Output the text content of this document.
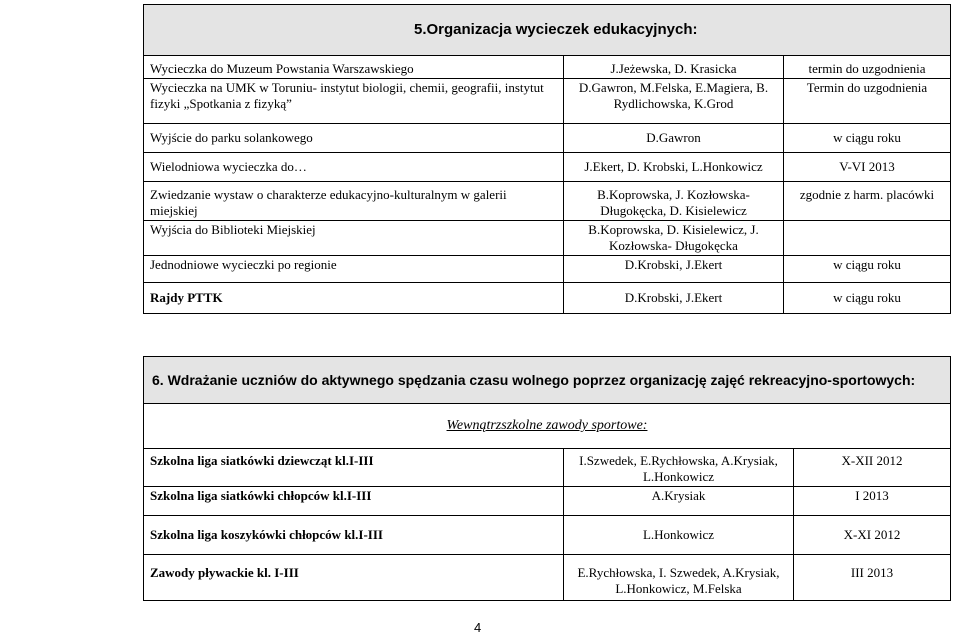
5.Organizacja wycieczek edukacyjnych:		
Wycieczka do Muzeum Powstania Warszawskiego	J.Jeżewska, D. Krasicka	termin do uzgodnienia
Wycieczka na UMK w Toruniu- instytut biologii, chemii, geografii, instytut fizyki „Spotkania z fizyką”	D.Gawron, M.Felska, E.Magiera, B. Rydlichowska, K.Grod	Termin do uzgodnienia
Wyjście do parku solankowego	D.Gawron	w ciągu roku
Wielodniowa wycieczka do…	J.Ekert, D. Krobski, L.Honkowicz	V-VI 2013
Zwiedzanie wystaw o charakterze edukacyjno-kulturalnym w galerii miejskiej	B.Koprowska, J. Kozłowska-Długokęcka, D. Kisielewicz	zgodnie z harm. placówki
Wyjścia do Biblioteki Miejskiej	B.Koprowska, D. Kisielewicz, J. Kozłowska- Długokęcka	
Jednodniowe wycieczki po regionie	D.Krobski, J.Ekert	w ciągu roku
Rajdy PTTK	D.Krobski, J.Ekert	w ciągu roku
6. Wdrażanie uczniów do aktywnego spędzania czasu wolnego poprzez organizację zajęć rekreacyjno-sportowych:		
Wewnątrzszkolne zawody sportowe:		
Szkolna liga siatkówki dziewcząt kl.I-III	I.Szwedek, E.Rychłowska, A.Krysiak, L.Honkowicz	X-XII 2012
Szkolna liga siatkówki chłopców kl.I-III	A.Krysiak	I 2013
Szkolna liga koszykówki chłopców kl.I-III	L.Honkowicz	X-XI 2012
Zawody pływackie kl. I-III	E.Rychłowska, I. Szwedek, A.Krysiak, L.Honkowicz, M.Felska	III 2013
4
